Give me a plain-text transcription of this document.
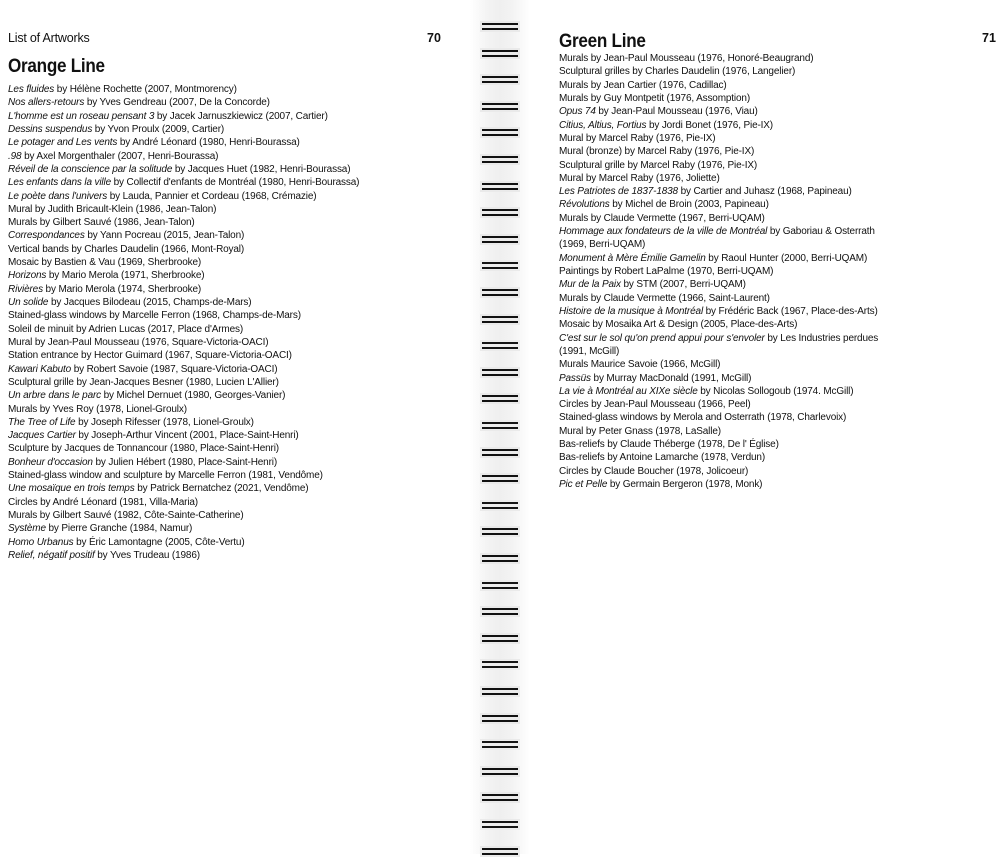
List of Artworks	70
Orange Line
Les fluides by Hélène Rochette (2007, Montmorency)
Nos allers-retours by Yves Gendreau (2007, De la Concorde)
L'homme est un roseau pensant 3 by Jacek Jarnuszkiewicz (2007, Cartier)
Dessins suspendus by Yvon Proulx (2009, Cartier)
Le potager and Les vents by André Léonard (1980, Henri-Bourassa)
.98 by Axel Morgenthaler (2007, Henri-Bourassa)
Réveil de la conscience par la solitude by Jacques Huet (1982, Henri-Bourassa)
Les enfants dans la ville by Collectif d'enfants de Montréal (1980, Henri-Bourassa)
Le poète dans l'univers by Lauda, Pannier et Cordeau (1968, Crémazie)
Mural by Judith Bricault-Klein (1986, Jean-Talon)
Murals by Gilbert Sauvé (1986, Jean-Talon)
Correspondances by Yann Pocreau (2015, Jean-Talon)
Vertical bands by Charles Daudelin (1966, Mont-Royal)
Mosaic by Bastien & Vau (1969, Sherbrooke)
Horizons by Mario Merola (1971, Sherbrooke)
Rivières by Mario Merola (1974, Sherbrooke)
Un solide by Jacques Bilodeau (2015, Champs-de-Mars)
Stained-glass windows by Marcelle Ferron (1968, Champs-de-Mars)
Soleil de minuit by Adrien Lucas (2017, Place d'Armes)
Mural by Jean-Paul Mousseau (1976, Square-Victoria-OACI)
Station entrance by Hector Guimard (1967, Square-Victoria-OACI)
Kawari Kabuto by Robert Savoie (1987, Square-Victoria-OACI)
Sculptural grille by Jean-Jacques Besner (1980, Lucien L'Allier)
Un arbre dans le parc by Michel Dernuet (1980, Georges-Vanier)
Murals by Yves Roy (1978, Lionel-Groulx)
The Tree of Life by Joseph Rifesser (1978, Lionel-Groulx)
Jacques Cartier by Joseph-Arthur Vincent (2001, Place-Saint-Henri)
Sculpture by Jacques de Tonnancour (1980, Place-Saint-Henri)
Bonheur d'occasion by Julien Hébert (1980, Place-Saint-Henri)
Stained-glass window and sculpture by Marcelle Ferron (1981, Vendôme)
Une mosaïque en trois temps by Patrick Bernatchez (2021, Vendôme)
Circles by André Léonard (1981, Villa-Maria)
Murals by Gilbert Sauvé (1982, Côte-Sainte-Catherine)
Système by Pierre Granche (1984, Namur)
Homo Urbanus by Éric Lamontagne (2005, Côte-Vertu)
Relief, négatif positif by Yves Trudeau (1986)
71
Green Line
Murals by Jean-Paul Mousseau (1976, Honoré-Beaugrand)
Sculptural grilles by Charles Daudelin (1976, Langelier)
Murals by Jean Cartier (1976, Cadillac)
Murals by Guy Montpetit (1976, Assomption)
Opus 74 by Jean-Paul Mousseau (1976, Viau)
Citius, Altius, Fortius by Jordi Bonet (1976, Pie-IX)
Mural by Marcel Raby (1976, Pie-IX)
Mural (bronze) by Marcel Raby (1976, Pie-IX)
Sculptural grille by Marcel Raby (1976, Pie-IX)
Mural by Marcel Raby (1976, Joliette)
Les Patriotes de 1837-1838 by Cartier and Juhasz (1968, Papineau)
Révolutions by Michel de Broin (2003, Papineau)
Murals by Claude Vermette (1967, Berri-UQAM)
Hommage aux fondateurs de la ville de Montréal by Gaboriau & Osterrath (1969, Berri-UQAM)
Monument à Mère Émilie Gamelin by Raoul Hunter (2000, Berri-UQAM)
Paintings by Robert LaPalme (1970, Berri-UQAM)
Mur de la Paix by STM (2007, Berri-UQAM)
Murals by Claude Vermette (1966, Saint-Laurent)
Histoire de la musique à Montréal by Frédéric Back (1967, Place-des-Arts)
Mosaic by Mosaika Art & Design (2005, Place-des-Arts)
C'est sur le sol qu'on prend appui pour s'envoler by Les Industries perdues (1991, McGill)
Murals Maurice Savoie (1966, McGill)
Passüs by Murray MacDonald (1991, McGill)
La vie à Montréal au XIXe siècle by Nicolas Sollogoub (1974. McGill)
Circles by Jean-Paul Mousseau (1966, Peel)
Stained-glass windows by Merola and Osterrath (1978, Charlevoix)
Mural by Peter Gnass (1978, LaSalle)
Bas-reliefs by Claude Théberge (1978, De l' Église)
Bas-reliefs by Antoine Lamarche (1978, Verdun)
Circles by Claude Boucher (1978, Jolicoeur)
Pic et Pelle by Germain Bergeron (1978, Monk)
